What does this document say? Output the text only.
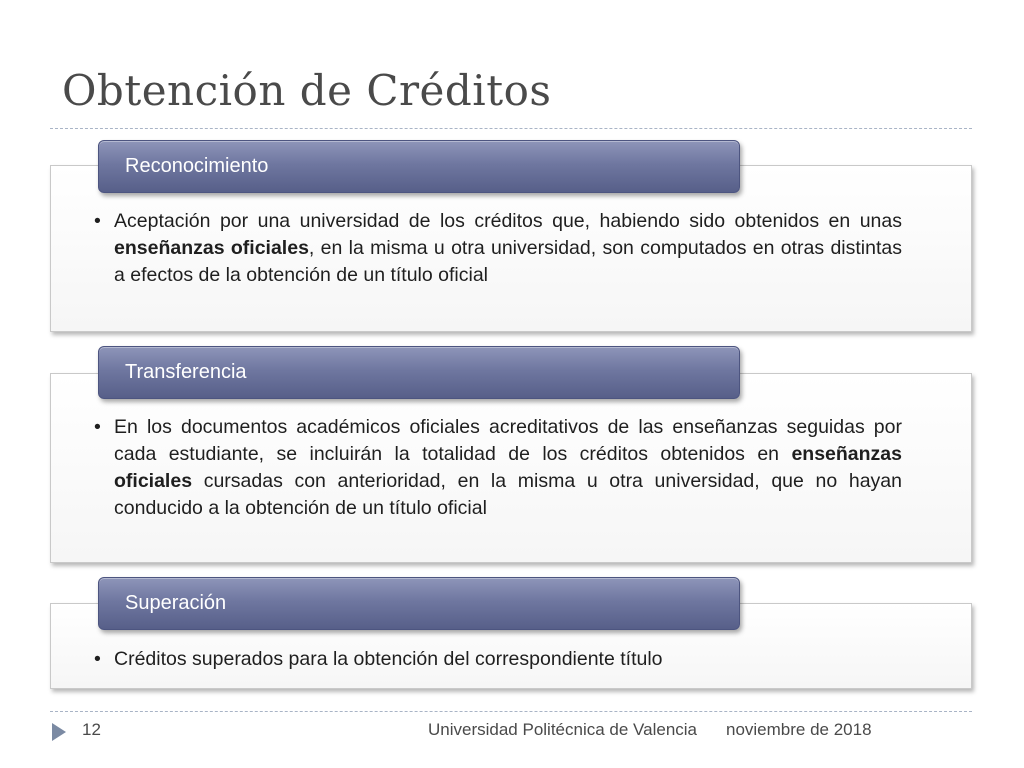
Obtención de Créditos
Reconocimiento
• Aceptación por una universidad de los créditos que, habiendo sido obtenidos en unas enseñanzas oficiales, en la misma u otra universidad, son computados en otras distintas a efectos de la obtención de un título oficial
Transferencia
• En los documentos académicos oficiales acreditativos de las enseñanzas seguidas por cada estudiante, se incluirán la totalidad de los créditos obtenidos en enseñanzas oficiales cursadas con anterioridad, en la misma u otra universidad, que no hayan conducido a la obtención de un título oficial
Superación
• Créditos superados para la obtención del correspondiente título
12	Universidad Politécnica de Valencia noviembre de 2018
